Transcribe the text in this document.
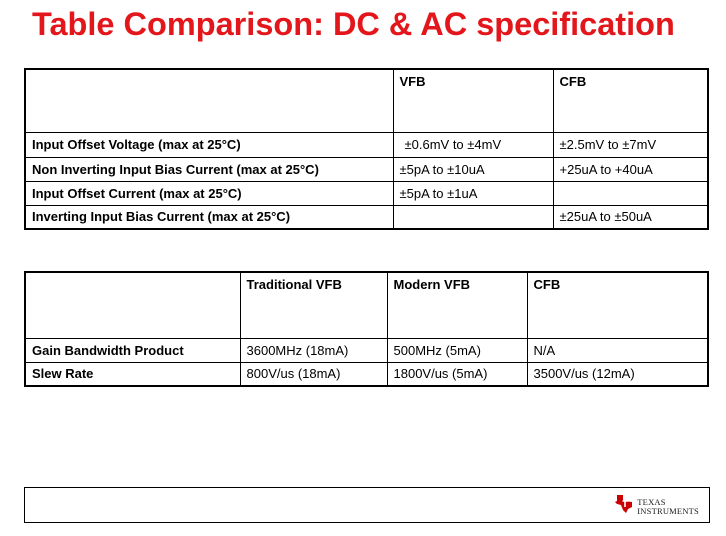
Table Comparison: DC & AC specification
	VFB	CFB
Input Offset Voltage (max at 25°C)	±0.6mV to ±4mV	±2.5mV to ±7mV
Non Inverting Input Bias Current (max at 25°C)	±5pA to ±10uA	+25uA to +40uA
Input Offset Current (max at 25°C)	±5pA to ±1uA	
Inverting Input Bias Current (max at 25°C)		±25uA to ±50uA
	Traditional VFB	Modern VFB	CFB
Gain Bandwidth Product	3600MHz (18mA)	500MHz (5mA)	N/A
Slew Rate	800V/us (18mA)	1800V/us (5mA)	3500V/us (12mA)
TEXAS
INSTRUMENTS
